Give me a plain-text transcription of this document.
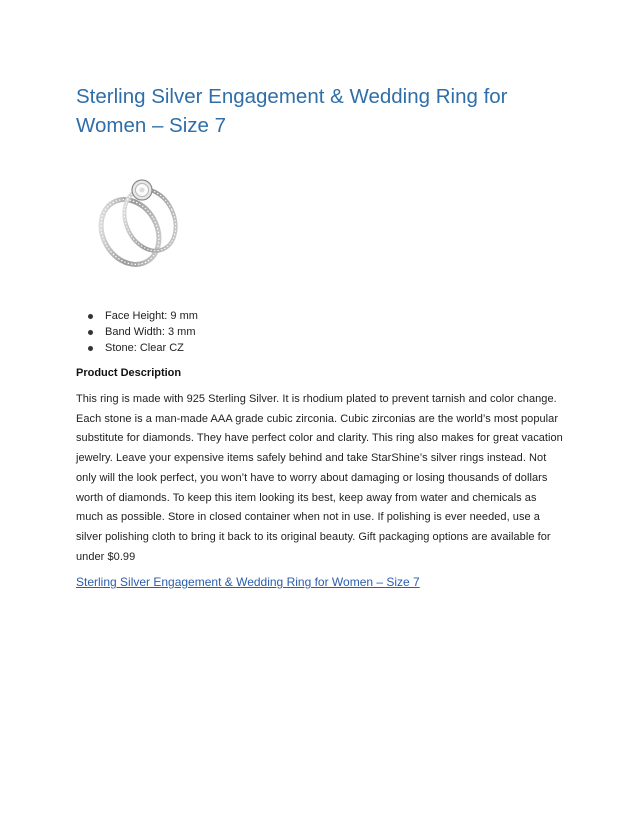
Sterling Silver Engagement & Wedding Ring for Women – Size 7
Face Height: 9 mm
Band Width: 3 mm
Stone: Clear CZ
Product Description

This ring is made with 925 Sterling Silver. It is rhodium plated to prevent tarnish and color change. Each stone is a man-made AAA grade cubic zirconia. Cubic zirconias are the world’s most popular substitute for diamonds. They have perfect color and clarity. This ring also makes for great vacation jewelry. Leave your expensive items safely behind and take StarShine’s silver rings instead. Not only will the look perfect, you won’t have to worry about damaging or losing thousands of dollars worth of diamonds. To keep this item looking its best, keep away from water and chemicals as much as possible. Store in closed container when not in use. If polishing is ever needed, use a silver polishing cloth to bring it back to its original beauty. Gift packaging options are available for under $0.99

Sterling Silver Engagement & Wedding Ring for Women – Size 7
